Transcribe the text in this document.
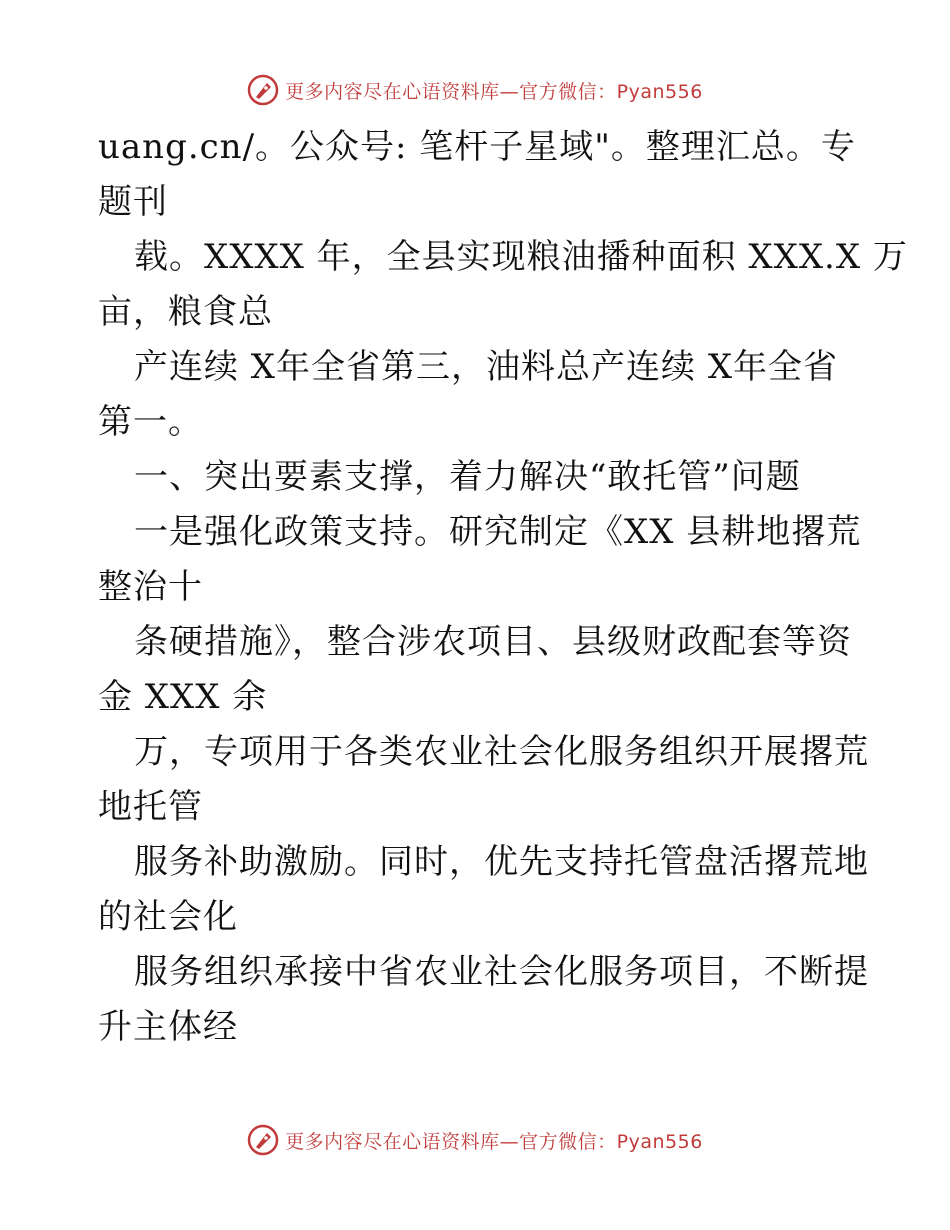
更多内容尽在心语资料库—官方微信：Pyan556
uang.cn/。公众号: 笔杆子星域"。整理汇总。专
题刊
载。XXXX 年，全县实现粮油播种面积 XXX.X 万
亩，粮食总
产连续 X年全省第三，油料总产连续 X年全省
第一。
一、突出要素支撑，着力解决“敢托管”问题
一是强化政策支持。研究制定《XX 县耕地撂荒
整治十
条硬措施》，整合涉农项目、县级财政配套等资
金 XXX 余
万，专项用于各类农业社会化服务组织开展撂荒
地托管
服务补助激励。同时，优先支持托管盘活撂荒地
的社会化
服务组织承接中省农业社会化服务项目，不断提
升主体经
更多内容尽在心语资料库—官方微信：Pyan556
